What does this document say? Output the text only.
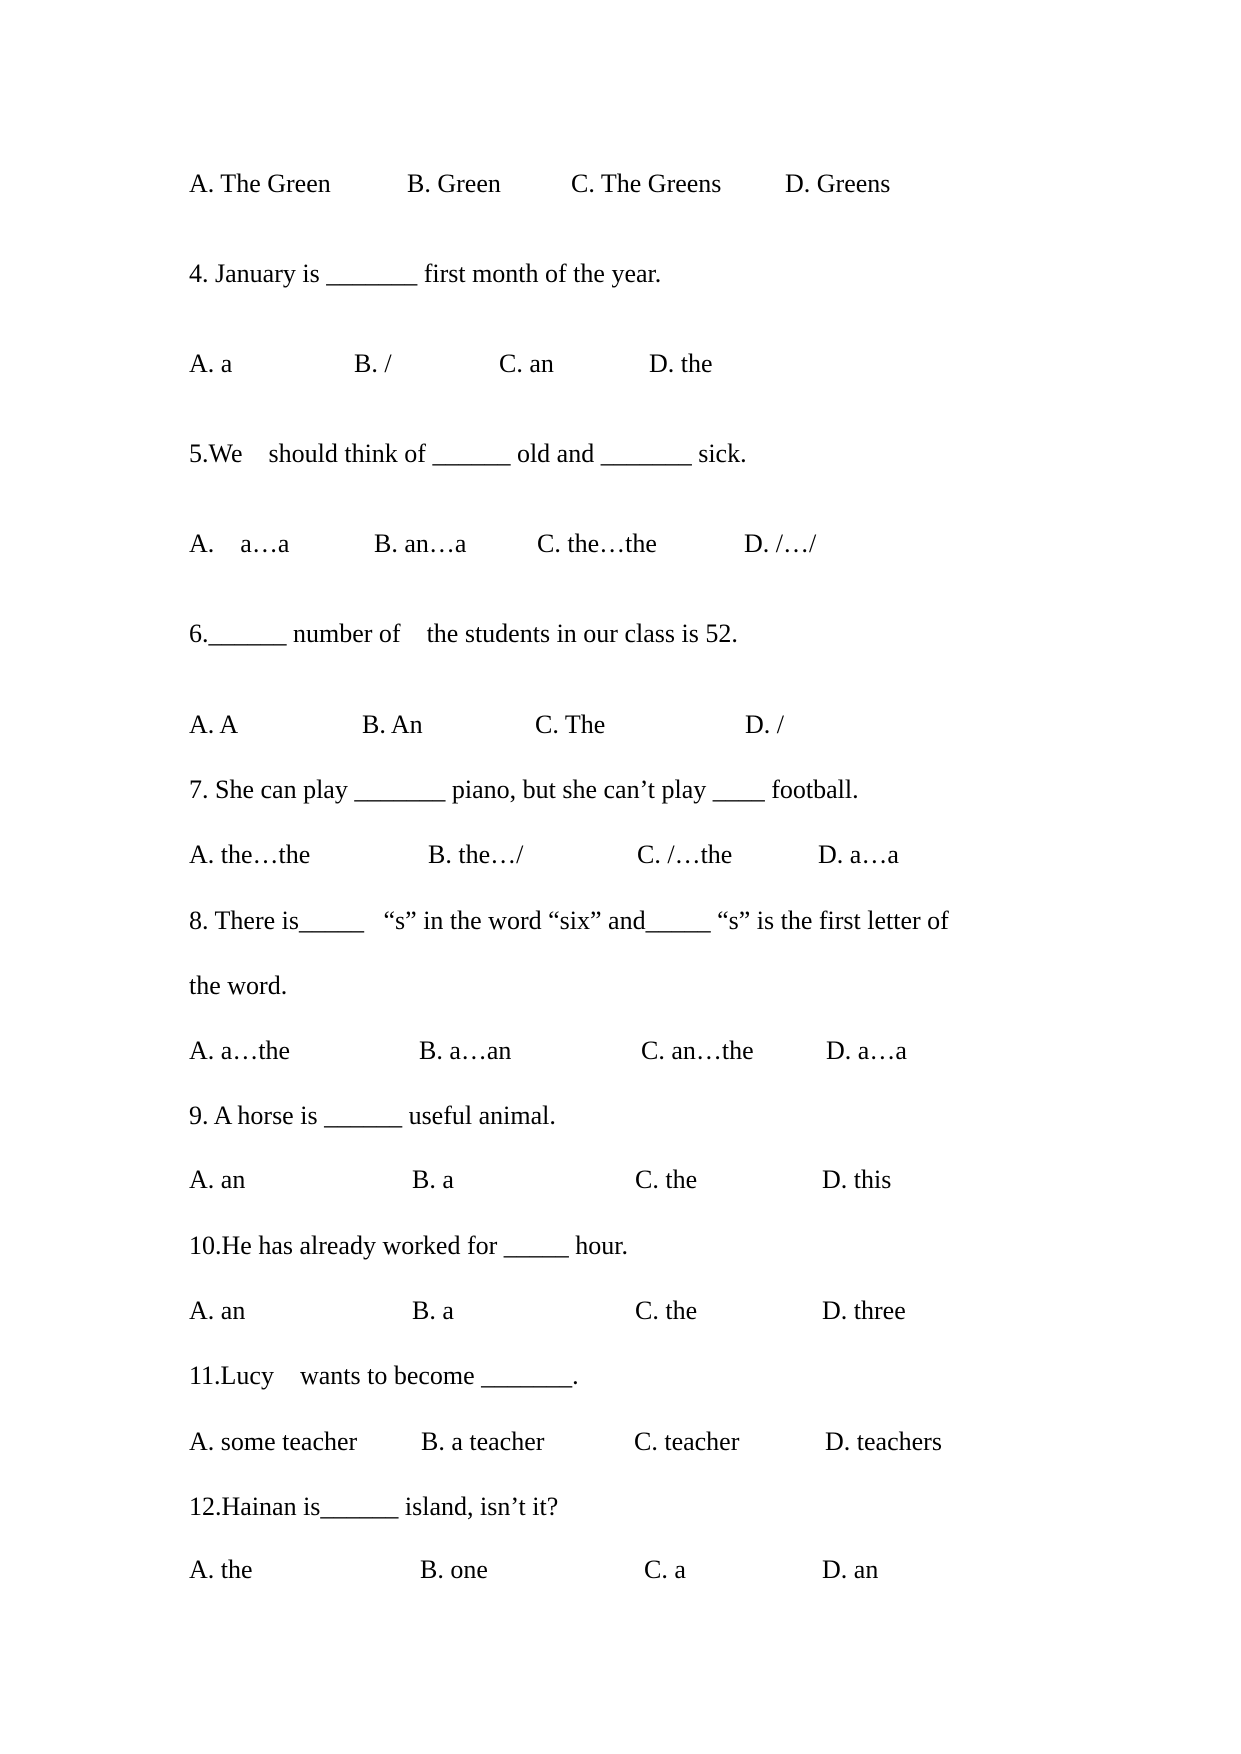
A. The Green

	B. Green

	C. The Greens

D. Greens

4. January is _______ first month of the year.

A. a

	B. /

	C. an

	D. the

5.We    should think of ______ old and _______ sick.

A.    a…a

	B. an…a

	C. the…the

	D. /…/

6.______ number of    the students in our class is 52.

A. A

	B. An

	C. The

	D. /

7. She can play _______ piano, but she can’t play ____ football.

A. the…the

	B. the…/

	C. /…the

	D. a…a

8. There is_____   “s” in the word “six” and_____ “s” is the first letter of
the word.

A. a…the

	B. a…an

	C. an…the

	D. a…a

9. A horse is ______ useful animal.

A. an

	B. a

	C. the

	D. this

10.He has already worked for _____ hour.

A. an

	B. a

	C. the

	D. three

11.Lucy    wants to become _______.

A. some teacher

B. a teacher

	C. teacher

	D. teachers

12.Hainan is______ island, isn’t it?

A. the

	B. one

	C. a

	D. an
